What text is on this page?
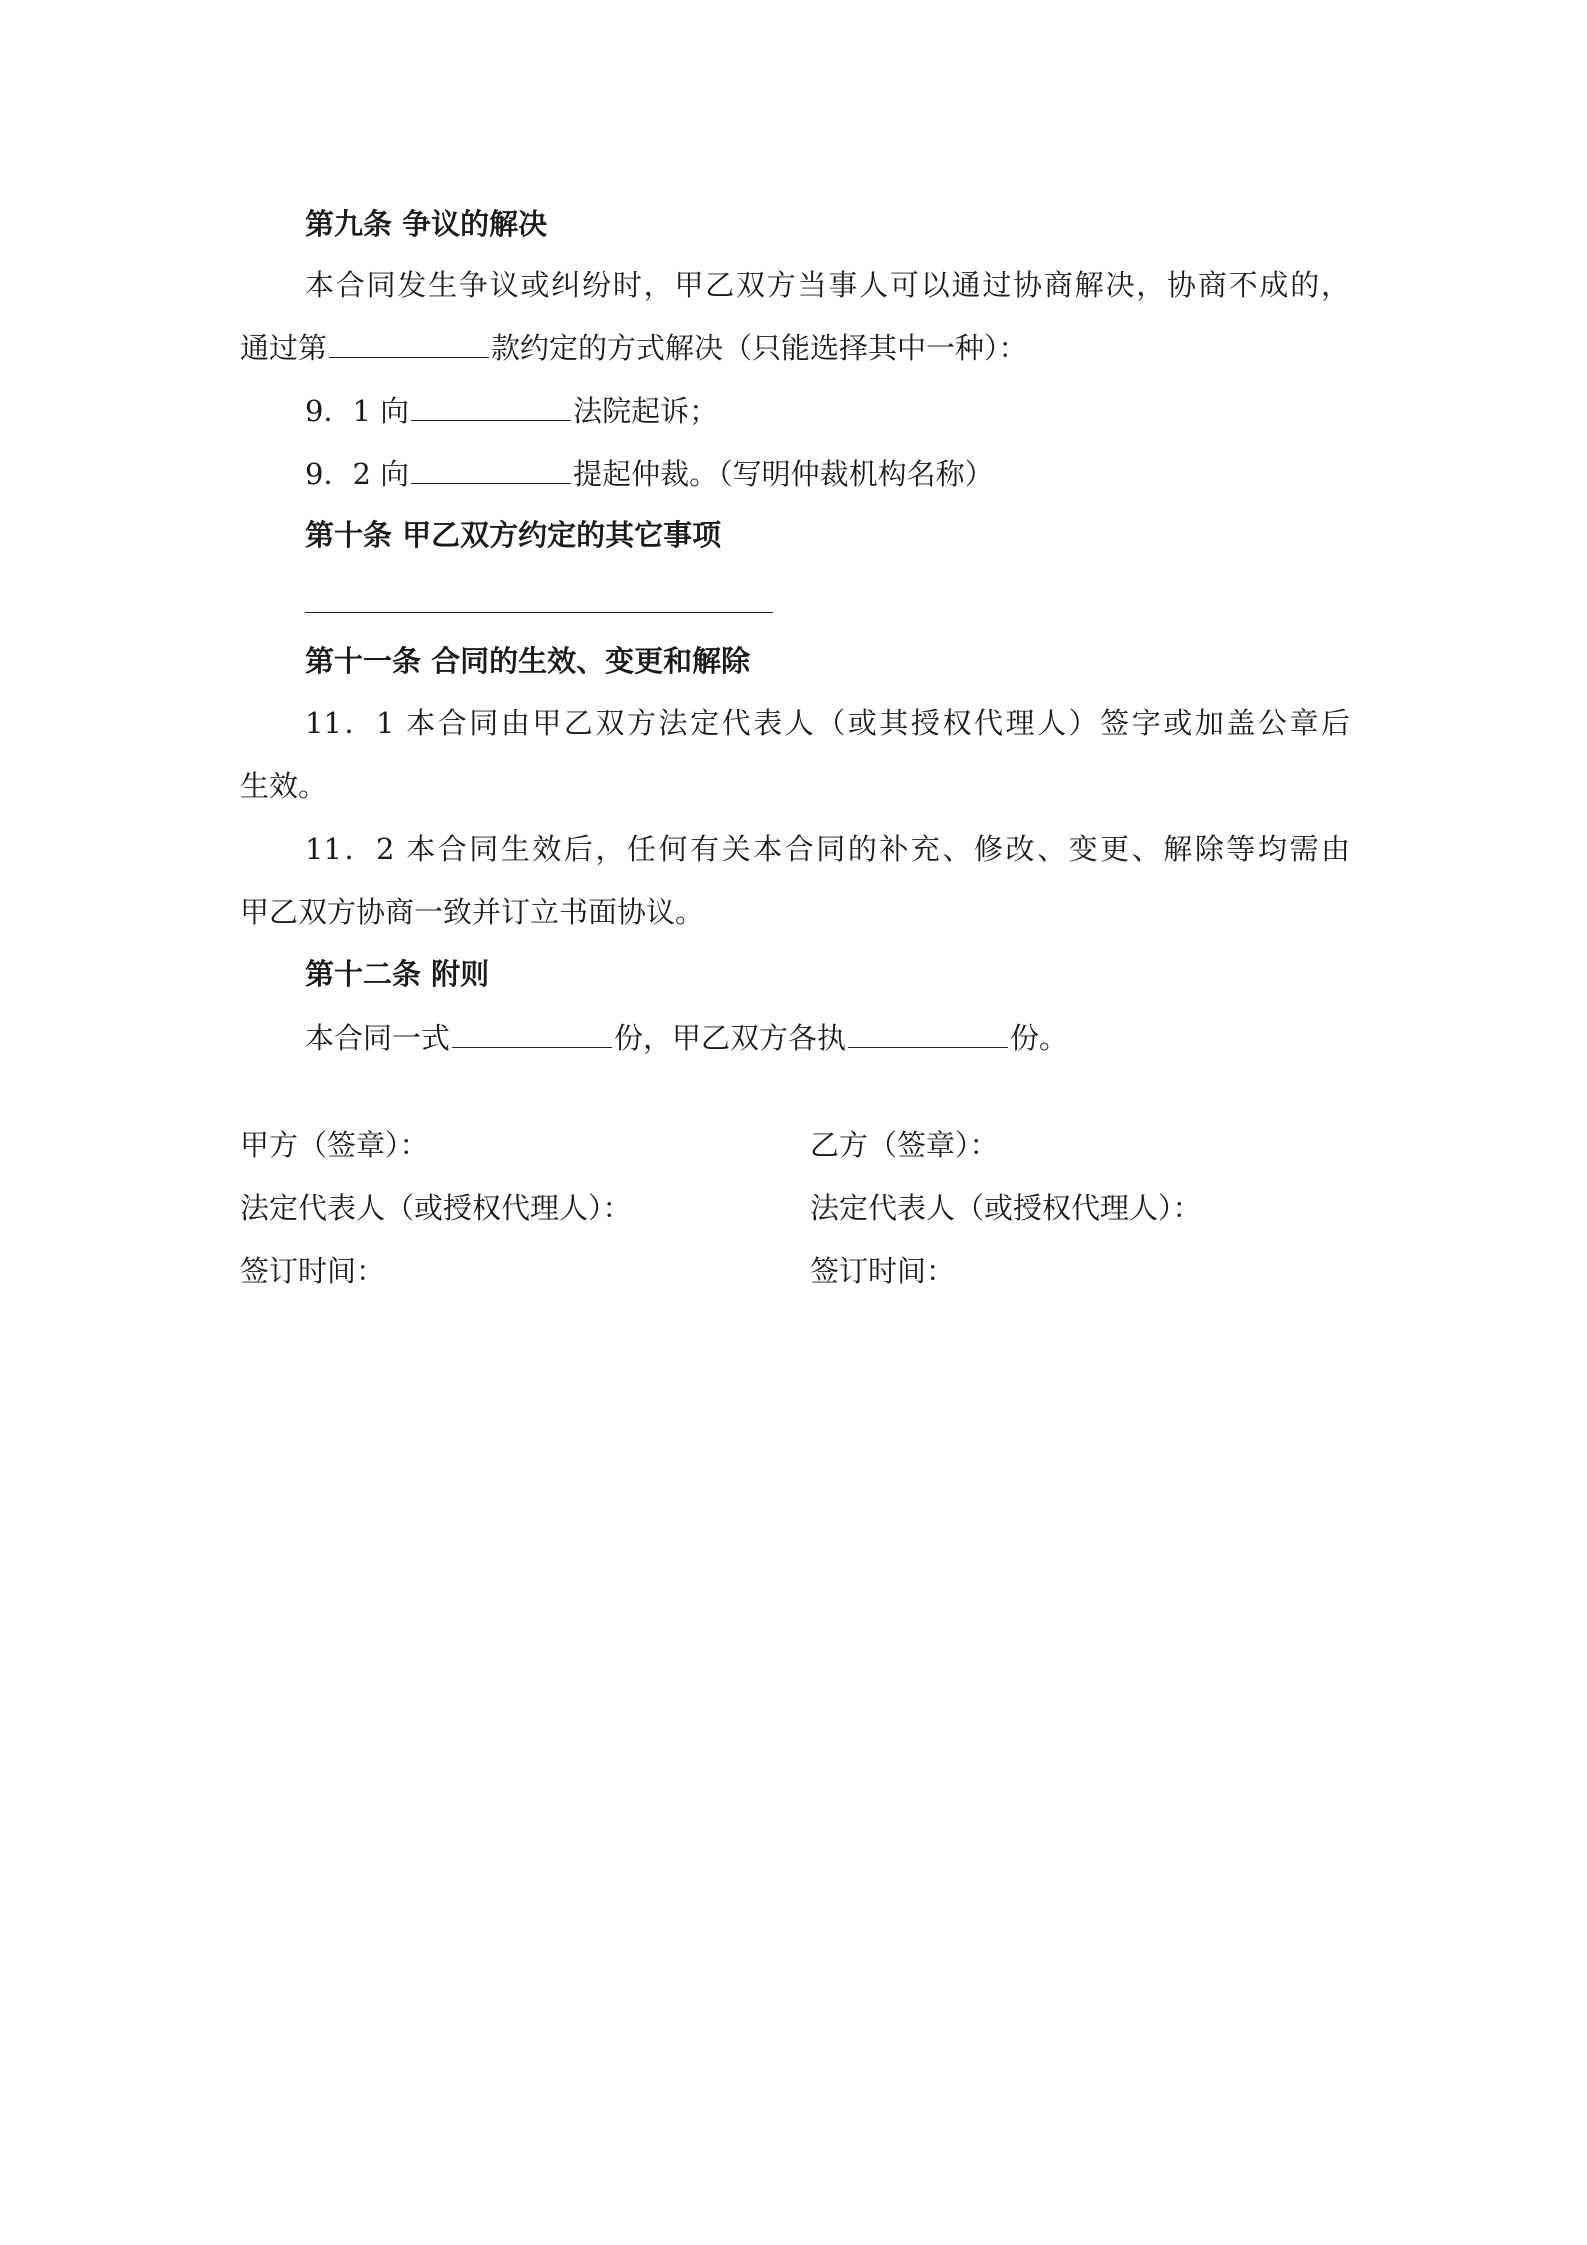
第九条 争议的解决
本合同发生争议或纠纷时，甲乙双方当事人可以通过协商解决，协商不成的，
通过第	款约定的方式解决（只能选择其中一种）：
9．1 向	法院起诉；
9．2 向	提起仲裁。（写明仲裁机构名称）
第十条 甲乙双方约定的其它事项
第十一条 合同的生效、变更和解除
11．1 本合同由甲乙双方法定代表人（或其授权代理人）签字或加盖公章后
生效。
11．2 本合同生效后，任何有关本合同的补充、修改、变更、解除等均需由
甲乙双方协商一致并订立书面协议。
第十二条 附则
本合同一式	份，甲乙双方各执	份。
甲方（签章）：	乙方（签章）：
法定代表人（或授权代理人）：	法定代表人（或授权代理人）：
签订时间：	签订时间：
